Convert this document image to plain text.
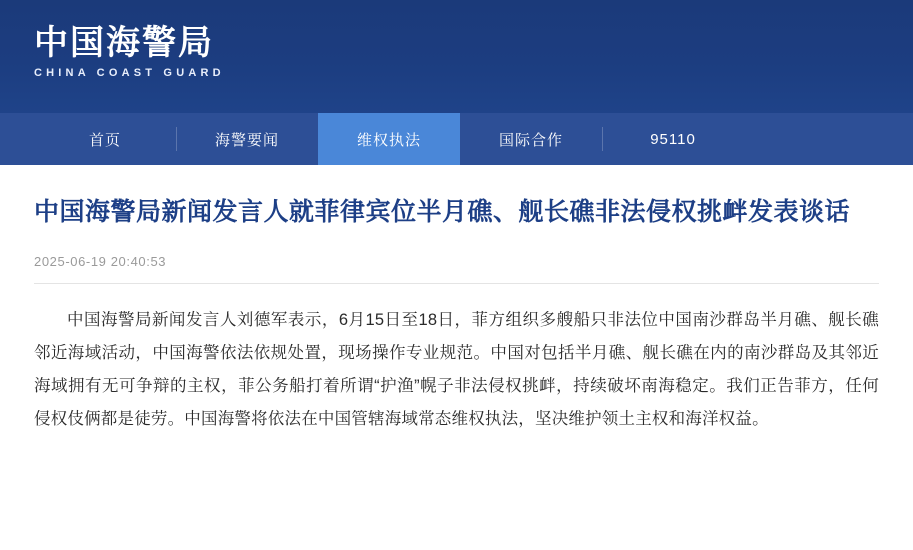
中国海警局
CHINA COAST GUARD
首页	海警要闻	维权执法	国际合作	95110
中国海警局新闻发言人就菲律宾位半月礁、舰长礁非法侵权挑衅发表谈话
2025-06-19 20:40:53

中国海警局新闻发言人刘德军表示，6月15日至18日，菲方组织多艘船只非法位中国南沙群岛半月礁、舰长礁邻近海域活动，中国海警依法依规处置，现场操作专业规范。中国对包括半月礁、舰长礁在内的南沙群岛及其邻近海域拥有无可争辩的主权，菲公务船打着所谓“护渔”幌子非法侵权挑衅，持续破坏南海稳定。我们正告菲方，任何侵权伎俩都是徒劳。中国海警将依法在中国管辖海域常态维权执法，坚决维护领土主权和海洋权益。
